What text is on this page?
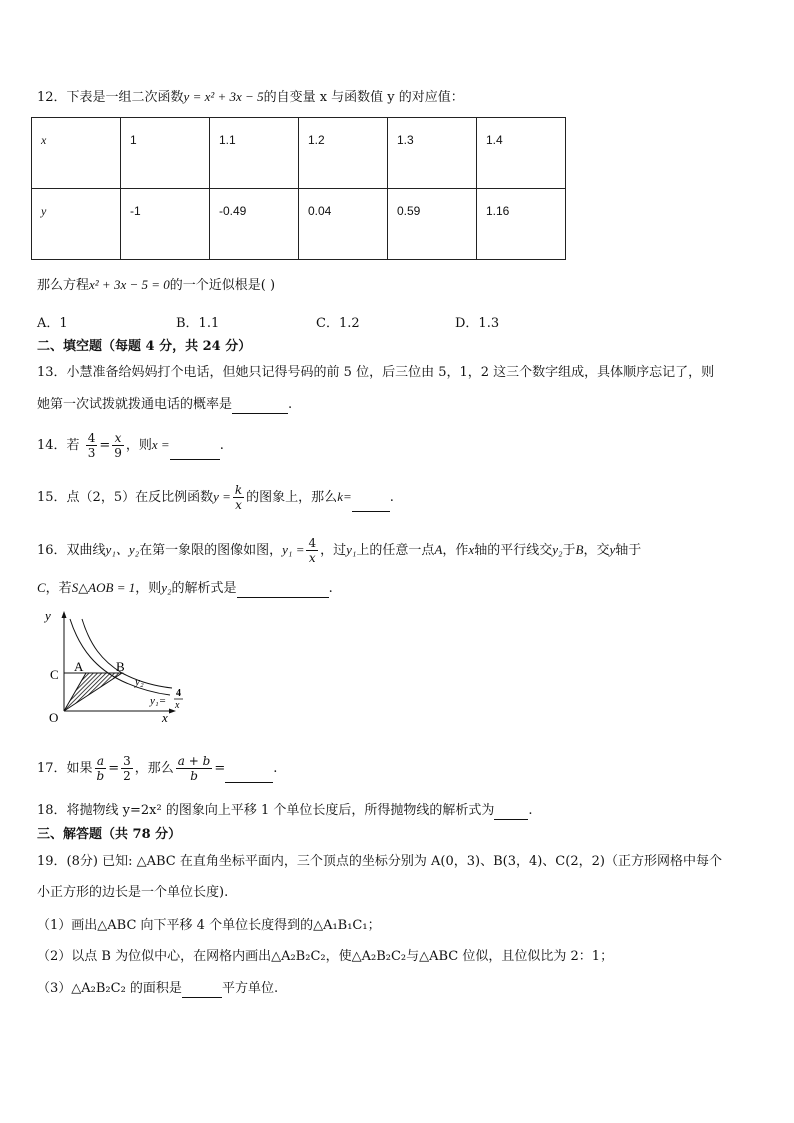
12．下表是一组二次函数y = x² + 3x − 5的自变量 x 与函数值 y 的对应值：
x	1	1.1	1.2	1.3	1.4
y	-1	-0.49	0.04	0.59	1.16
那么方程x² + 3x − 5 = 0的一个近似根是( )
A．1	B．1.1	C．1.2	D．1.3
二、填空题（每题 4 分，共 24 分）
13．小慧准备给妈妈打个电话，但她只记得号码的前 5 位，后三位由 5，1，2 这三个数字组成，具体顺序忘记了，则
她第一次试拨就拨通电话的概率是	.
14．若 $\frac{4}{3} = \frac{x}{9}$ ，则x =	.
15．点（2，5）在反比例函数$y = \frac{k}{x}$ 的图象上，那么k=	.
16．双曲线y₁、y₂在第一象限的图像如图，$y_1 = \frac{4}{x}$ ，过y₁上的任意一点A，作x轴的平行线交y₂于B，交y轴于
C，若S△AOB = 1，则y₂的解析式是	.
y
x
O
C
A	B
y₂
y₁=
4
x
17．如果 $\frac{a}{b} = \frac{3}{2}$ ，那么 $\frac{a + b}{b}$ =	.
18．将抛物线 y=2x² 的图象向上平移 1 个单位长度后，所得抛物线的解析式为	.
三、解答题（共 78 分）
19．(8分) 已知: △ABC 在直角坐标平面内，三个顶点的坐标分别为 A(0，3)、B(3，4)、C(2，2)（正方形网格中每个
小正方形的边长是一个单位长度).
（1）画出△ABC 向下平移 4 个单位长度得到的△A₁B₁C₁；
（2）以点 B 为位似中心，在网格内画出△A₂B₂C₂，使△A₂B₂C₂与△ABC 位似，且位似比为 2：1；
（3）△A₂B₂C₂ 的面积是	平方单位.
